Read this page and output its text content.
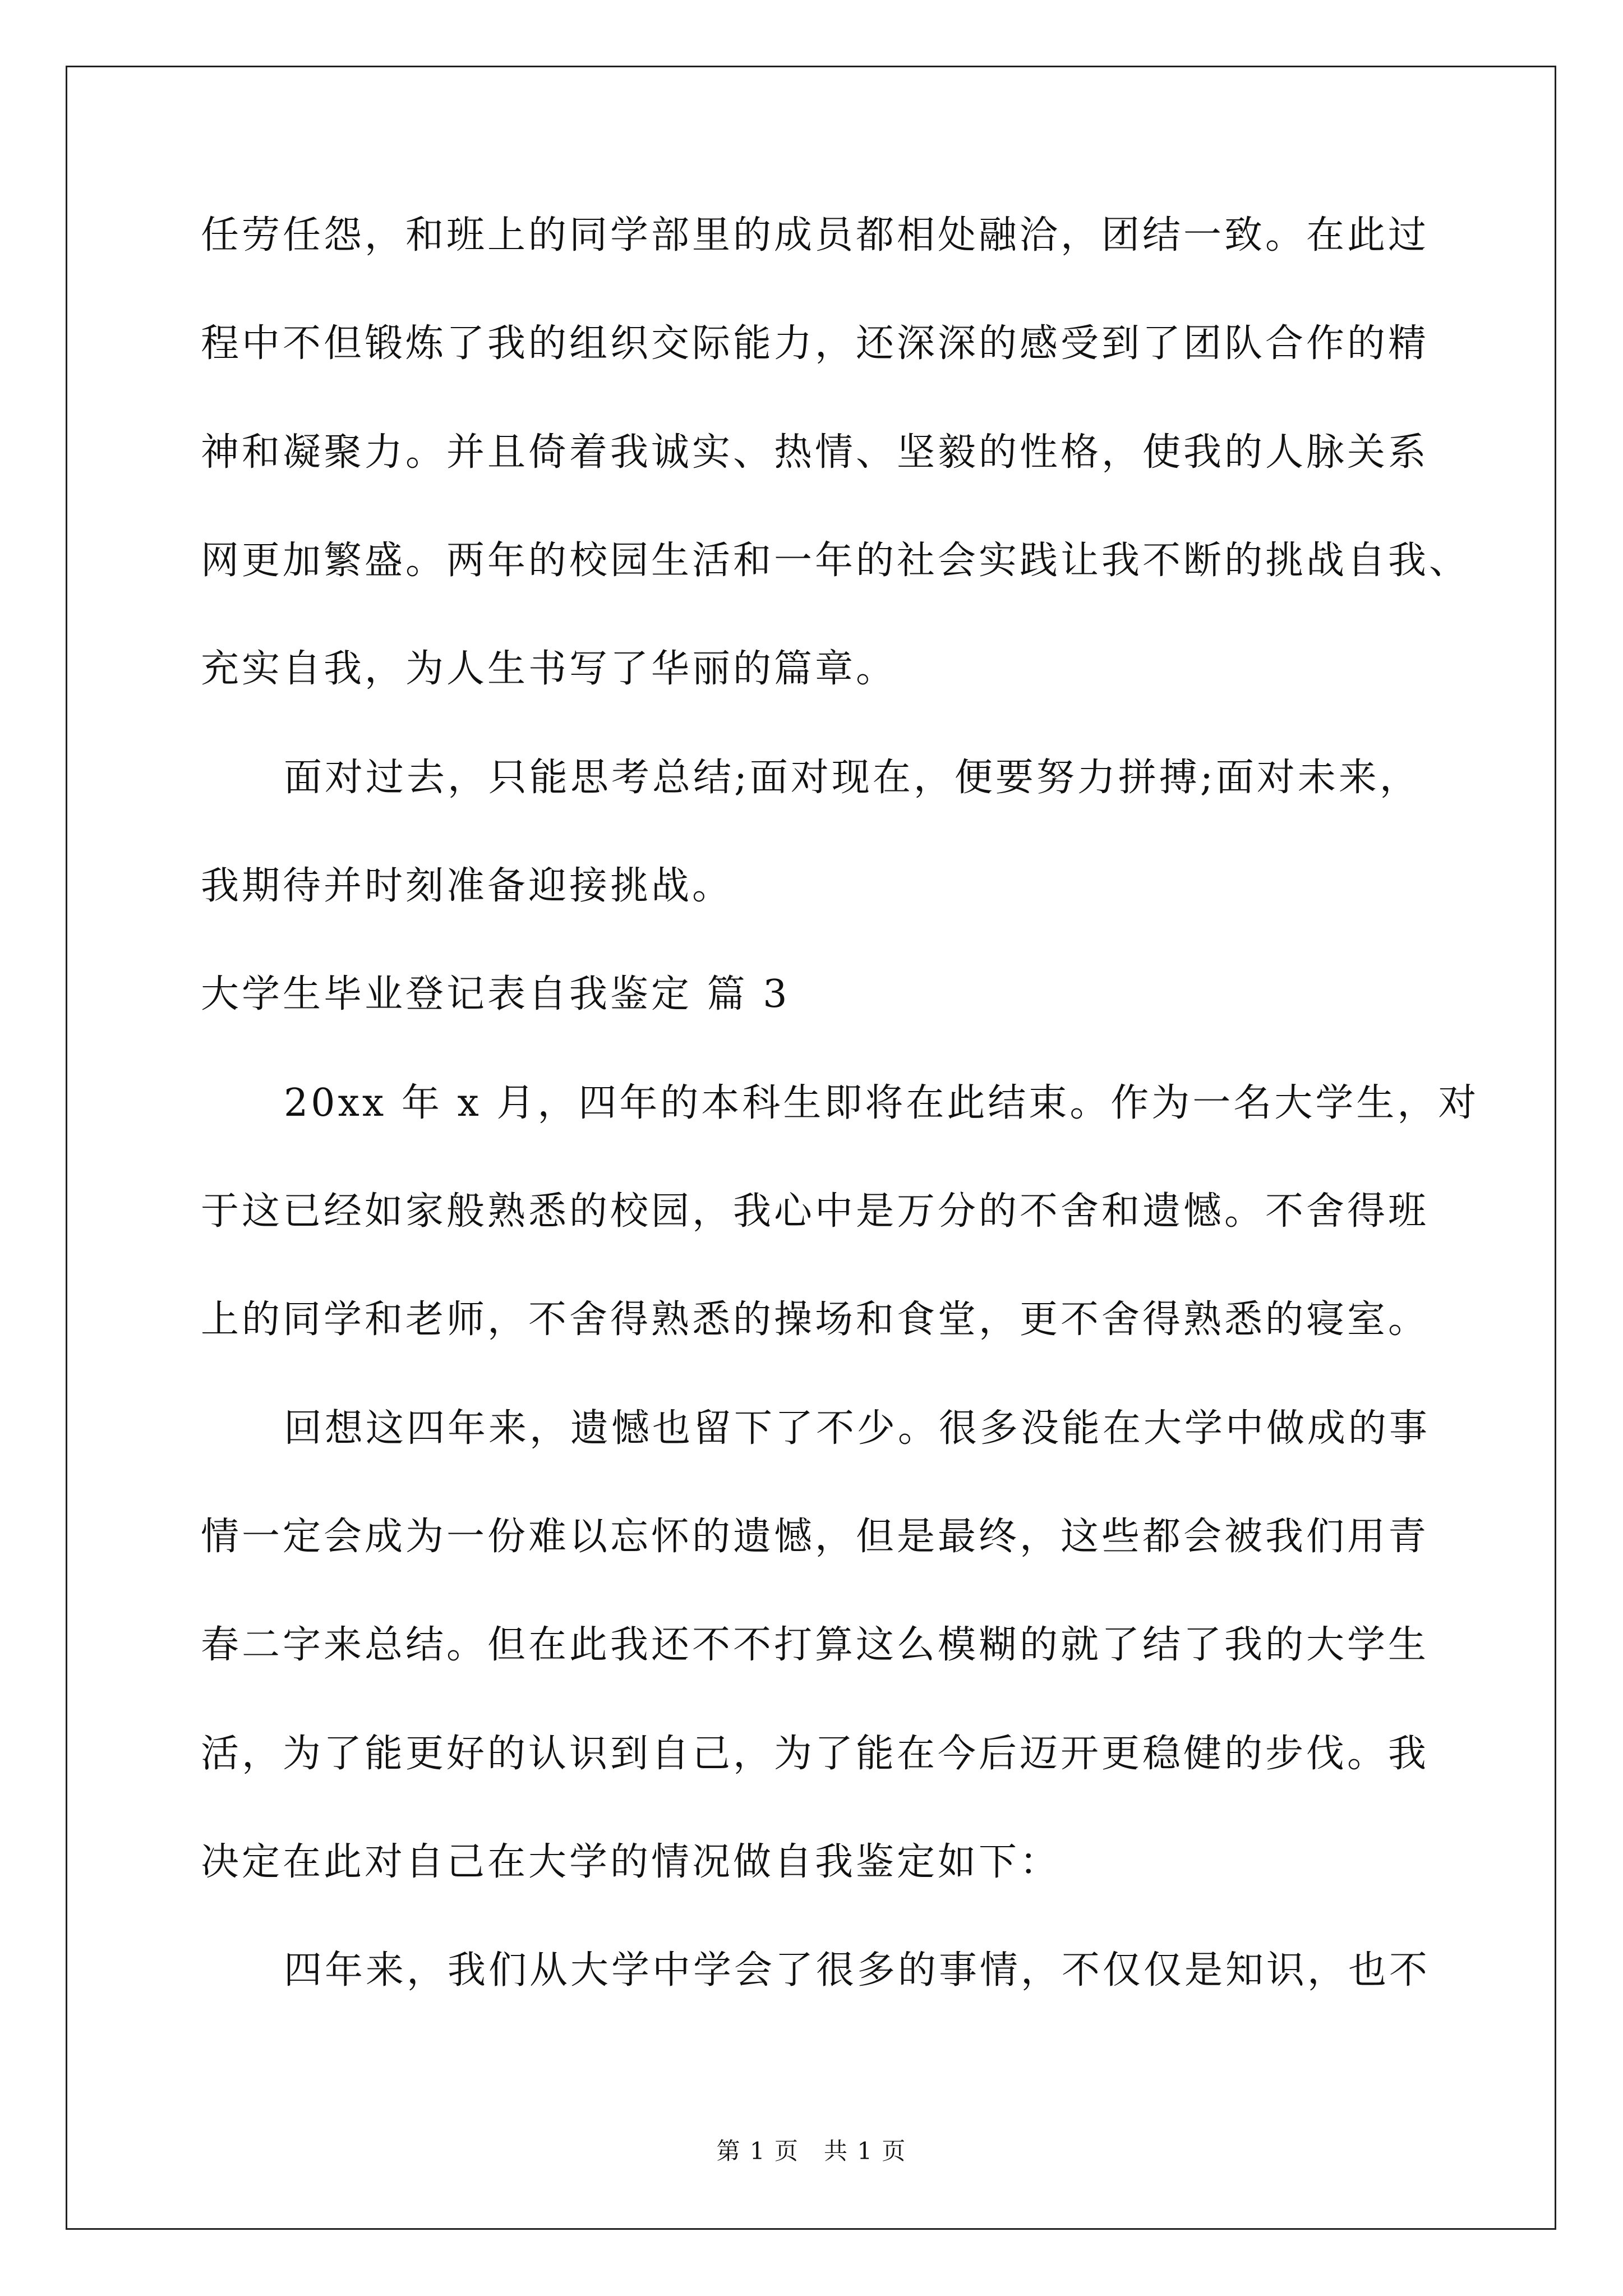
任劳任怨，和班上的同学部里的成员都相处融洽，团结一致。在此过
程中不但锻炼了我的组织交际能力，还深深的感受到了团队合作的精
神和凝聚力。并且倚着我诚实、热情、坚毅的性格，使我的人脉关系
网更加繁盛。两年的校园生活和一年的社会实践让我不断的挑战自我、
充实自我，为人生书写了华丽的篇章。
面对过去，只能思考总结;面对现在，便要努力拼搏;面对未来，
我期待并时刻准备迎接挑战。
大学生毕业登记表自我鉴定 篇 3
20xx 年 x 月，四年的本科生即将在此结束。作为一名大学生，对
于这已经如家般熟悉的校园，我心中是万分的不舍和遗憾。不舍得班
上的同学和老师，不舍得熟悉的操场和食堂，更不舍得熟悉的寝室。
回想这四年来，遗憾也留下了不少。很多没能在大学中做成的事
情一定会成为一份难以忘怀的遗憾，但是最终，这些都会被我们用青
春二字来总结。但在此我还不不打算这么模糊的就了结了我的大学生
活，为了能更好的认识到自己，为了能在今后迈开更稳健的步伐。我
决定在此对自己在大学的情况做自我鉴定如下：
四年来，我们从大学中学会了很多的事情，不仅仅是知识，也不
第 1 页　共 1 页
